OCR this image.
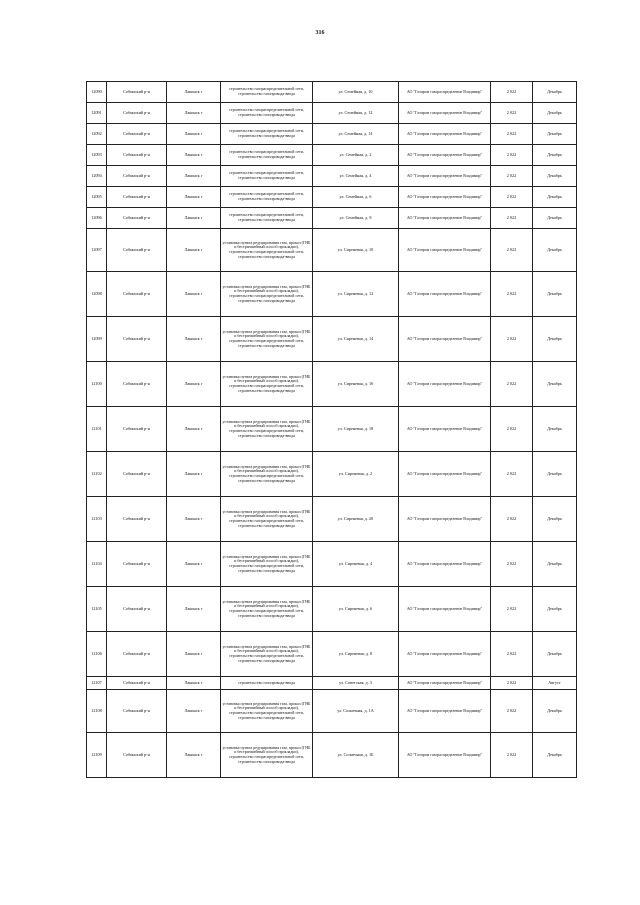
316
12090	Собинский р-н	Лакинск г	строительство газораспределительной сети, строительство газопровода-ввода	ул. Семейная, д. 10	АО "Газпром газораспределение Владимир"	2 022	Декабрь
12091	Собинский р-н	Лакинск г	строительство газораспределительной сети, строительство газопровода-ввода	ул. Семейная, д. 12	АО "Газпром газораспределение Владимир"	2 022	Декабрь
12092	Собинский р-н	Лакинск г	строительство газораспределительной сети, строительство газопровода-ввода	ул. Семейная, д. 14	АО "Газпром газораспределение Владимир"	2 022	Декабрь
12093	Собинский р-н	Лакинск г	строительство газораспределительной сети, строительство газопровода-ввода	ул. Семейная, д. 2	АО "Газпром газораспределение Владимир"	2 022	Декабрь
12094	Собинский р-н	Лакинск г	строительство газораспределительной сети, строительство газопровода-ввода	ул. Семейная, д. 4	АО "Газпром газораспределение Владимир"	2 022	Декабрь
12095	Собинский р-н	Лакинск г	строительство газораспределительной сети, строительство газопровода-ввода	ул. Семейная, д. 6	АО "Газпром газораспределение Владимир"	2 022	Декабрь
12096	Собинский р-н	Лакинск г	строительство газораспределительной сети, строительство газопровода-ввода	ул. Семейная, д. 8	АО "Газпром газораспределение Владимир"	2 022	Декабрь
12097	Собинский р-н	Лакинск г	установка пункта редуцирования газа, прокол (ГНБ и бестраншейный способ прокладки), строительство газораспределительной сети, строительство газопровода-ввода	ул. Сиреневая, д. 10	АО "Газпром газораспределение Владимир"	2 022	Декабрь
12098	Собинский р-н	Лакинск г	установка пункта редуцирования газа, прокол (ГНБ и бестраншейный способ прокладки), строительство газораспределительной сети, строительство газопровода-ввода	ул. Сиреневая, д. 12	АО "Газпром газораспределение Владимир"	2 022	Декабрь
12099	Собинский р-н	Лакинск г	установка пункта редуцирования газа, прокол (ГНБ и бестраншейный способ прокладки), строительство газораспределительной сети, строительство газопровода-ввода	ул. Сиреневая, д. 14	АО "Газпром газораспределение Владимир"	2 022	Декабрь
12100	Собинский р-н	Лакинск г	установка пункта редуцирования газа, прокол (ГНБ и бестраншейный способ прокладки), строительство газораспределительной сети, строительство газопровода-ввода	ул. Сиреневая, д. 16	АО "Газпром газораспределение Владимир"	2 022	Декабрь
12101	Собинский р-н	Лакинск г	установка пункта редуцирования газа, прокол (ГНБ и бестраншейный способ прокладки), строительство газораспределительной сети, строительство газопровода-ввода	ул. Сиреневая, д. 18	АО "Газпром газораспределение Владимир"	2 022	Декабрь
12102	Собинский р-н	Лакинск г	установка пункта редуцирования газа, прокол (ГНБ и бестраншейный способ прокладки), строительство газораспределительной сети, строительство газопровода-ввода	ул. Сиреневая, д. 2	АО "Газпром газораспределение Владимир"	2 022	Декабрь
12103	Собинский р-н	Лакинск г	установка пункта редуцирования газа, прокол (ГНБ и бестраншейный способ прокладки), строительство газораспределительной сети, строительство газопровода-ввода	ул. Сиреневая, д. 20	АО "Газпром газораспределение Владимир"	2 022	Декабрь
12104	Собинский р-н	Лакинск г	установка пункта редуцирования газа, прокол (ГНБ и бестраншейный способ прокладки), строительство газораспределительной сети, строительство газопровода-ввода	ул. Сиреневая, д. 4	АО "Газпром газораспределение Владимир"	2 022	Декабрь
12105	Собинский р-н	Лакинск г	установка пункта редуцирования газа, прокол (ГНБ и бестраншейный способ прокладки), строительство газораспределительной сети, строительство газопровода-ввода	ул. Сиреневая, д. 6	АО "Газпром газораспределение Владимир"	2 022	Декабрь
12106	Собинский р-н	Лакинск г	установка пункта редуцирования газа, прокол (ГНБ и бестраншейный способ прокладки), строительство газораспределительной сети, строительство газопровода-ввода	ул. Сиреневая, д. 8	АО "Газпром газораспределение Владимир"	2 022	Декабрь
12107	Собинский р-н	Лакинск г	строительство газопровода-ввода	ул. Советская, д. 3	АО "Газпром газораспределение Владимир"	2 022	Август
12108	Собинский р-н	Лакинск г	установка пункта редуцирования газа, прокол (ГНБ и бестраншейный способ прокладки), строительство газораспределительной сети, строительство газопровода-ввода	ул. Солнечная, д. 1А	АО "Газпром газораспределение Владимир"	2 022	Декабрь
12109	Собинский р-н	Лакинск г	установка пункта редуцирования газа, прокол (ГНБ и бестраншейный способ прокладки), строительство газораспределительной сети, строительство газопровода-ввода	ул. Солнечная, д. 1Б	АО "Газпром газораспределение Владимир"	2 022	Декабрь
